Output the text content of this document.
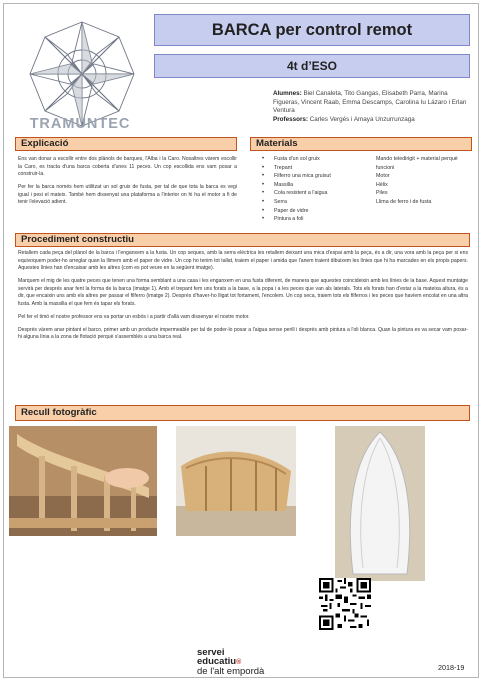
TRAMUNTEC
BARCA per control remot
4t d’ESO
Alumnes: Biel Canaleta, Tito Gangas, Elisabeth Parra, Marina Figueras, Vincent Raab, Emma Descamps, Carolina Iu Lázaro i Erlan Ventura
Professors: Carles Vergés i Amaya Unzurrunzaga
Explicació

Ens van donar a escollir entre dos plànols de barques, l'Alba i la Caro. Nosaltres vàrem escollir la Caro, es tracta d'una barca coberta d'unes 11 peces. Un cop escollida ens vam posar a construir-la.

Per fer la barca només hem utilitzat un sol gruix de fusta, per tal de que tota la barca es vegi igual i pesi el mateix. També hem dissenyat una plataforma a l'interior on hi ha el motor a fi de tenir l'elevació adient.

Materials
• Fusta d'un sol gruix
• Trepant
• Filferro una mica gruixut
• Massilla
• Cola resistent a l'aigua
• Serra
• Paper de vidre
• Pintura a foli
Mando teledirigit + material perquè funcioni
Motor
Hèlix
Piles
Llima de ferro i de fusta
Procediment constructiu

Retallem cada peça del plànol de la barca i l'enganxem a la fusta. Un cop seques, amb la serra elèctrica les retallem deixant una mica d'espai amb la peça, és a dir, una vora amb la peça per si ens equivoquem poder-ho arreglar quan la llimem amb el paper de vidre. Un cop ho tenim tot tallat, traiem el paper i amida que l'anem traient dibuixem les línies que hi ha marcades en els propis papers. Aquestes línies han d'encaixar amb les altres (com es pot veure en la següent imatge).

Marquem el mig de les quatre peces que tenen una forma semblant a una casa i les enganxem en una fusta diferent, de manera que aquestes coincideixin amb les línies de la base. Aquest muntatge servirà per després anar fent la forma de la barca (imatge 1). Amb el trepant fem uns forats a la base, a la popa i a les peces que van als laterals. Tots els forats han d'estar a la mateixa altura, és a dir, que encaixin uns amb els altres per passar el filferro (imatge 2). Després d'haver-ho lligat tot fortament, l'encolem. Un cop seca, traiem tots els filferros i les peces que havíem encolat en una altra fusta. Amb la massilla el que fem és tapar els forats.

Pel fer el timó el nostre professor ens va portar un esbós i a partir d'allà vam dissenyar el nostre motor.

Després vàrem anar pintant el barco, primer amb un producte impermeable per tal de poder-lo posar a l'aigua sense perill i després amb pintura a l'oli blanca. Quan la pintura es va secar vam posar-hi alguna línia a la zona de flotació perquè s'assemblés a una barca real.

Recull fotogràfic
servei
educatiu®
de l'alt empordà	2018-19
